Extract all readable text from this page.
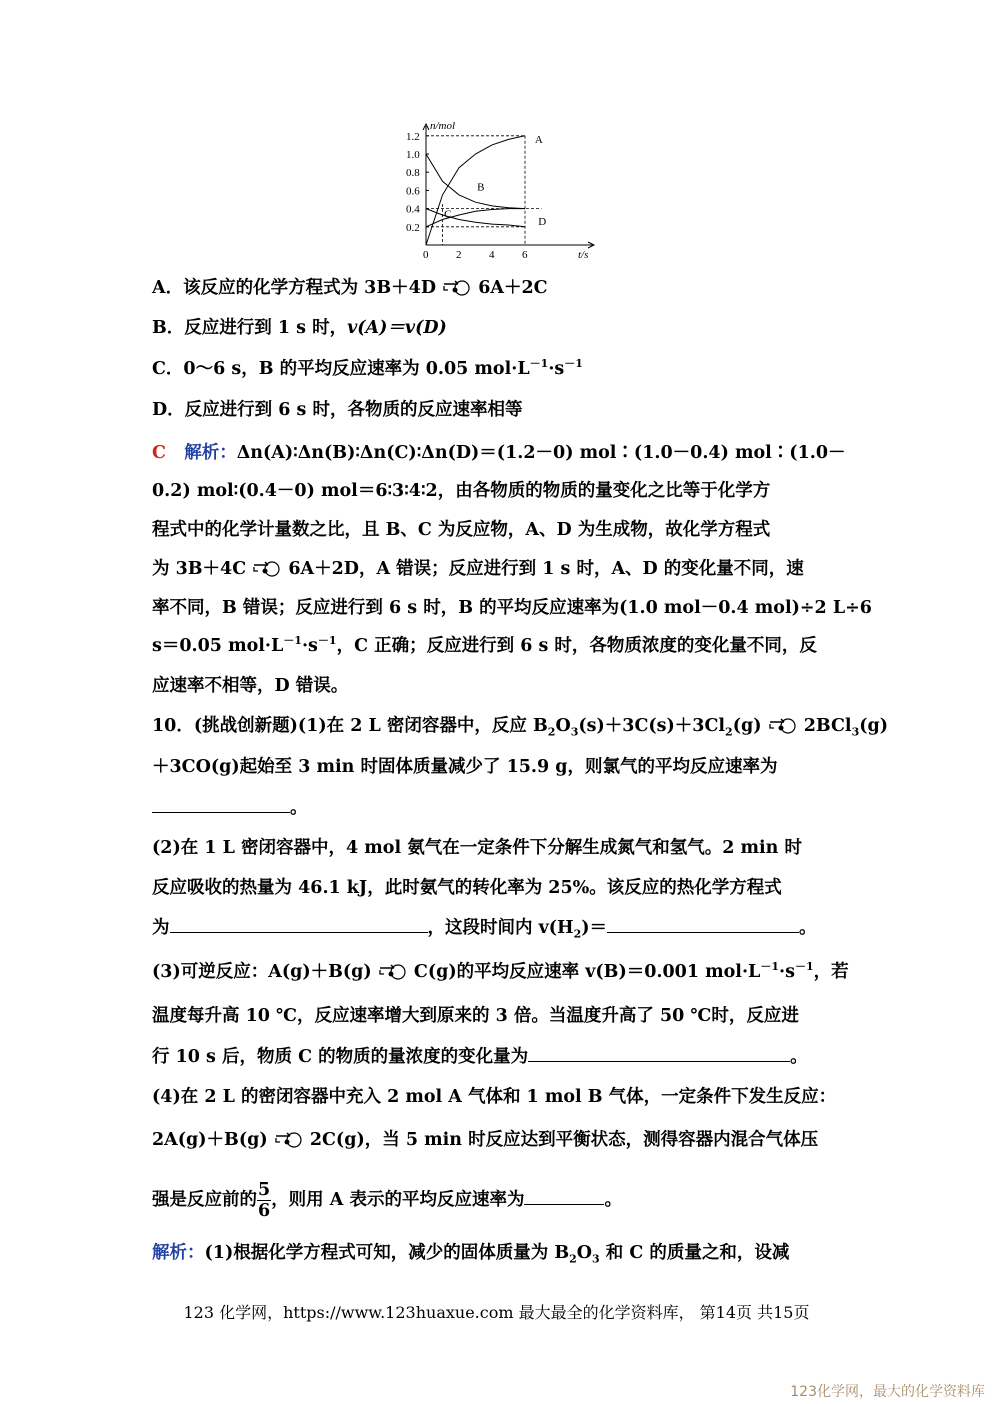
n/mol
t/s
1.2
1.0
0.8
0.6
0.4
0.2
0	2	4	6
A
B
C
D
A．该反应的化学方程式为 3B＋4D 6A＋2C
B．反应进行到 1 s 时，v(A)＝v(D)
C．0～6 s，B 的平均反应速率为 0.05 $mol\cdot L^{-1}\cdot s^{-1}$
D．反应进行到 6 s 时，各物质的反应速率相等
C 解析：Δn(A)∶Δn(B)∶Δn(C)∶Δn(D)＝(1.2－0) mol∶(1.0－0.4) mol∶(1.0－
0.2) mol∶(0.4－0) mol＝6∶3∶4∶2，由各物质的物质的量变化之比等于化学方
程式中的化学计量数之比，且 B、C 为反应物，A、D 为生成物，故化学方程式
为 3B＋4C 6A＋2D，A 错误；反应进行到 1 s 时，A、D 的变化量不同，速
率不同，B 错误；反应进行到 6 s 时，B 的平均反应速率为(1.0 mol－0.4 mol)÷2 L÷6
s＝0.05 $mol\cdot L^{-1}\cdot s^{-1}$，C 正确；反应进行到 6 s 时，各物质浓度的变化量不同，反
应速率不相等，D 错误。
10．(挑战创新题)(1)在 2 L 密闭容器中，反应 $B_2O_3(s)+3C(s)+3Cl_2(g)$ 2BCl$_3$(g)
＋3CO(g)起始至 3 min 时固体质量减少了 15.9 g，则氯气的平均反应速率为
。
(2)在 1 L 密闭容器中，4 mol 氨气在一定条件下分解生成氮气和氢气。2 min 时
反应吸收的热量为 46.1 kJ，此时氨气的转化率为 25%。该反应的热化学方程式
为	，这段时间内 $v(H_2)=$	。
(3)可逆反应：A(g)＋B(g) C(g)的平均反应速率 v(B)＝0.001 $mol\cdot L^{-1}\cdot s^{-1}$，若
温度每升高 10 ℃，反应速率增大到原来的 3 倍。当温度升高了 50 ℃时，反应进
行 10 s 后，物质 C 的物质的量浓度的变化量为	。
(4)在 2 L 的密闭容器中充入 2 mol A 气体和 1 mol B 气体，一定条件下发生反应：
2A(g)＋B(g) 2C(g)，当 5 min 时反应达到平衡状态，测得容器内混合气体压
强是反应前的 $\frac{5}{6}$ ，则用 A 表示的平均反应速率为	。
解析：(1)根据化学方程式可知，减少的固体质量为 $B_2O_3$ 和 C 的质量之和，设减
123 化学网，https://www.123huaxue.com 最大最全的化学资料库， 第14页 共15页
123化学网，最大的化学资料库
